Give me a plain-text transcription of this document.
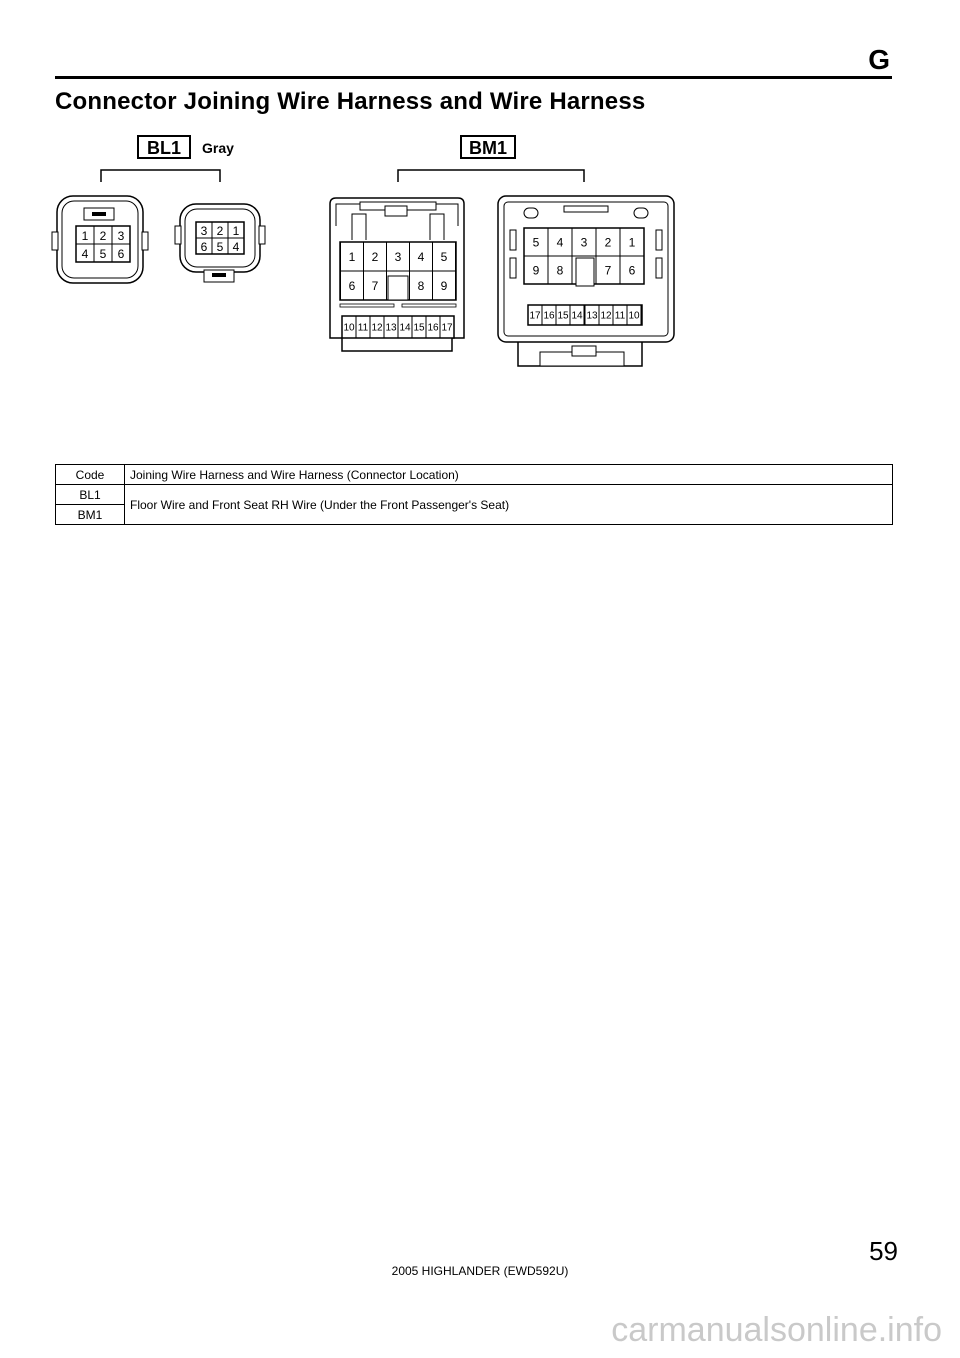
G
Connector Joining Wire Harness and Wire Harness
BL1 Gray
1 2 3
4 5 6
3 2 1
6 5 4
BM1
1 2 3 4 5
6 7	8 9
10 11 12 13 14 15 16 17
5 4 3 2 1
9 8	7 6
17 16 15 14 13 12 11 10
Code	Joining Wire Harness and Wire Harness (Connector Location)
BL1	Floor Wire and Front Seat RH Wire (Under the Front Passenger's Seat)
BM1	
59
2005 HIGHLANDER (EWD592U)
carmanualsonline.info
